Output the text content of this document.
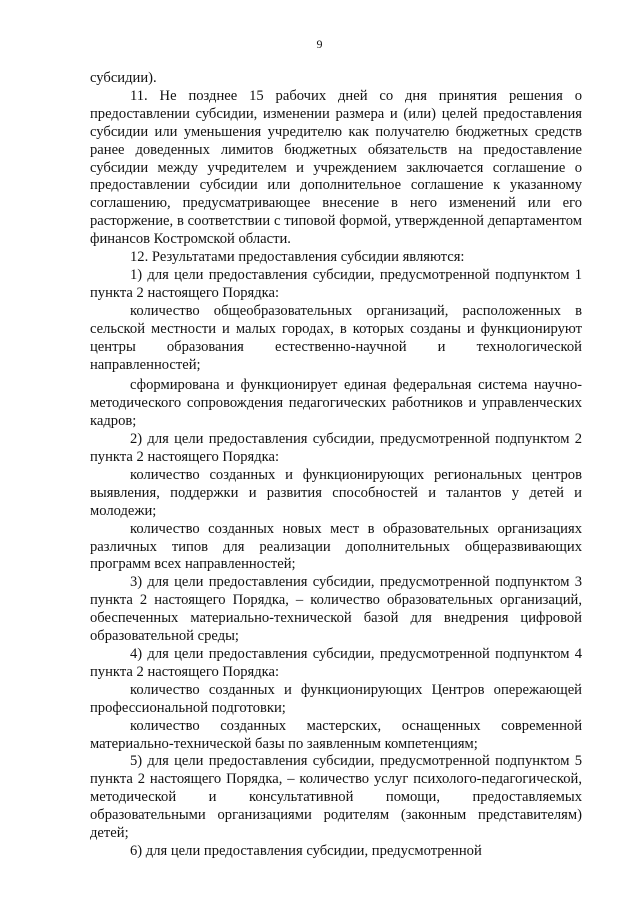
9

субсидии).

11. Не позднее 15 рабочих дней со дня принятия решения о предоставлении субсидии, изменении размера и (или) целей предоставления субсидии или уменьшения учредителю как получателю бюджетных средств ранее доведенных лимитов бюджетных обязательств на предоставление субсидии между учредителем и учреждением заключается соглашение о предоставлении субсидии или дополнительное соглашение к указанному соглашению, предусматривающее внесение в него изменений или его расторжение, в соответствии с типовой формой, утвержденной департаментом финансов Костромской области.

12. Результатами предоставления субсидии являются:

1) для цели предоставления субсидии, предусмотренной подпунктом 1 пункта 2 настоящего Порядка:

количество общеобразовательных организаций, расположенных в сельской местности и малых городах, в которых созданы и функционируют центры образования естественно-научной и технологической направленностей;

сформирована и функционирует единая федеральная система научно-методического сопровождения педагогических работников и управленческих кадров;

2) для цели предоставления субсидии, предусмотренной подпунктом 2 пункта 2 настоящего Порядка:

количество созданных и функционирующих региональных центров выявления, поддержки и развития способностей и талантов у детей и молодежи;

количество созданных новых мест в образовательных организациях различных типов для реализации дополнительных общеразвивающих программ всех направленностей;

3) для цели предоставления субсидии, предусмотренной подпунктом 3 пункта 2 настоящего Порядка, – количество образовательных организаций, обеспеченных материально-технической базой для внедрения цифровой образовательной среды;

4) для цели предоставления субсидии, предусмотренной подпунктом 4 пункта 2 настоящего Порядка:

количество созданных и функционирующих Центров опережающей профессиональной подготовки;

количество созданных мастерских, оснащенных современной материально-технической базы по заявленным компетенциям;

5) для цели предоставления субсидии, предусмотренной подпунктом 5 пункта 2 настоящего Порядка, – количество услуг психолого-педагогической, методической и консультативной помощи, предоставляемых образовательными организациями родителям (законным представителям) детей;

6) для цели предоставления субсидии, предусмотренной
